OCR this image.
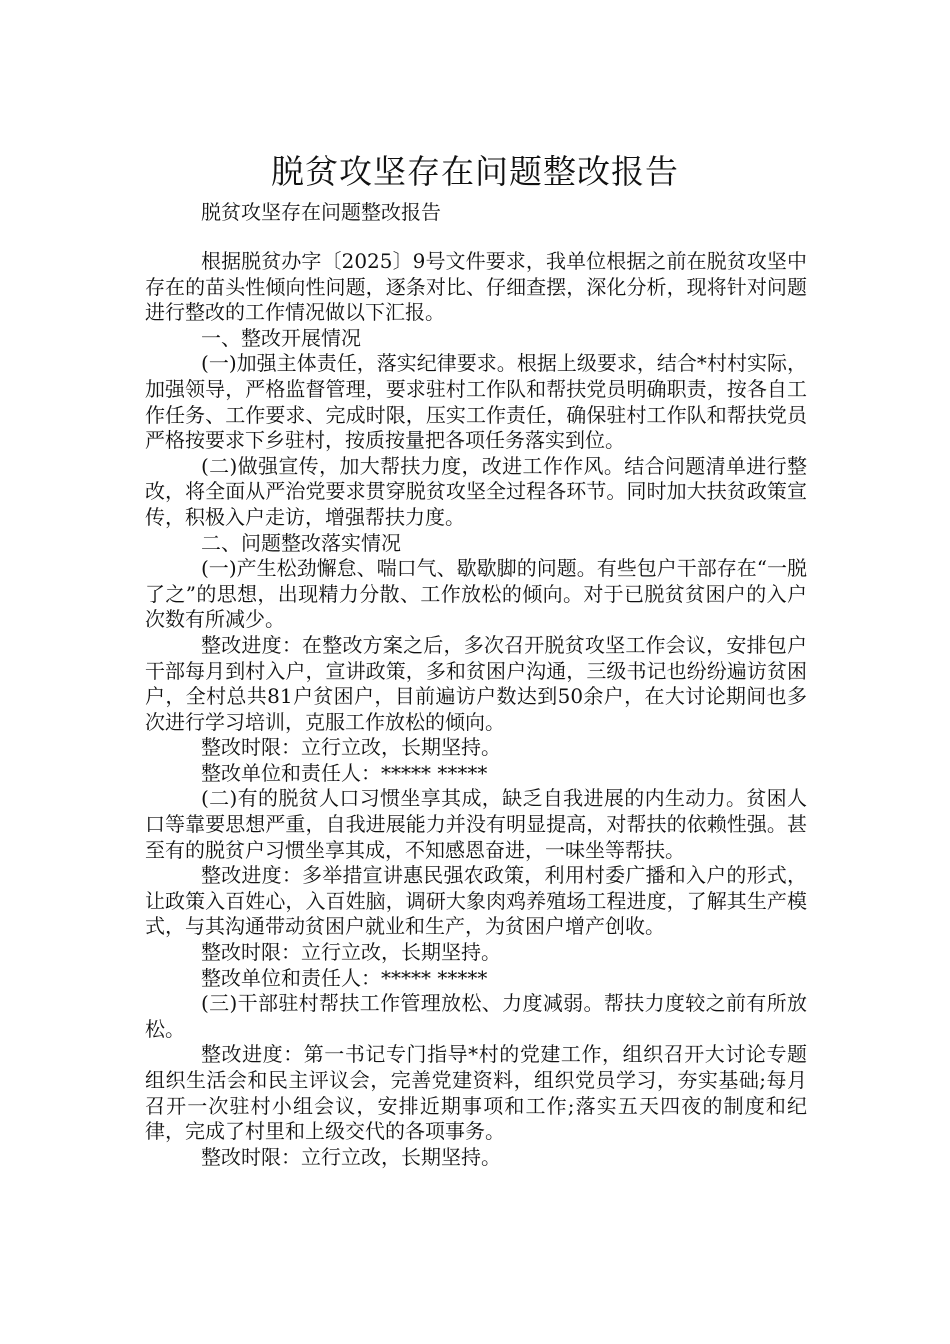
脱贫攻坚存在问题整改报告
脱贫攻坚存在问题整改报告

根据脱贫办字〔2025〕9号文件要求，我单位根据之前在脱贫攻坚中存在的苗头性倾向性问题，逐条对比、仔细查摆，深化分析，现将针对问题进行整改的工作情况做以下汇报。

一、整改开展情况

(一)加强主体责任，落实纪律要求。根据上级要求，结合*村村实际，加强领导，严格监督管理，要求驻村工作队和帮扶党员明确职责，按各自工作任务、工作要求、完成时限，压实工作责任，确保驻村工作队和帮扶党员严格按要求下乡驻村，按质按量把各项任务落实到位。

(二)做强宣传，加大帮扶力度，改进工作作风。结合问题清单进行整改，将全面从严治党要求贯穿脱贫攻坚全过程各环节。同时加大扶贫政策宣传，积极入户走访，增强帮扶力度。

二、问题整改落实情况

(一)产生松劲懈怠、喘口气、歇歇脚的问题。有些包户干部存在“一脱了之”的思想，出现精力分散、工作放松的倾向。对于已脱贫贫困户的入户次数有所减少。

整改进度：在整改方案之后，多次召开脱贫攻坚工作会议，安排包户干部每月到村入户，宣讲政策，多和贫困户沟通，三级书记也纷纷遍访贫困户，全村总共81户贫困户，目前遍访户数达到50余户，在大讨论期间也多次进行学习培训，克服工作放松的倾向。

整改时限：立行立改，长期坚持。

整改单位和责任人：***** *****

(二)有的脱贫人口习惯坐享其成，缺乏自我进展的内生动力。贫困人口等靠要思想严重，自我进展能力并没有明显提高，对帮扶的依赖性强。甚至有的脱贫户习惯坐享其成，不知感恩奋进，一味坐等帮扶。

整改进度：多举措宣讲惠民强农政策，利用村委广播和入户的形式，让政策入百姓心，入百姓脑，调研大象肉鸡养殖场工程进度，了解其生产模式，与其沟通带动贫困户就业和生产，为贫困户增产创收。

整改时限：立行立改，长期坚持。

整改单位和责任人：***** *****

(三)干部驻村帮扶工作管理放松、力度减弱。帮扶力度较之前有所放松。

整改进度：第一书记专门指导*村的党建工作，组织召开大讨论专题组织生活会和民主评议会，完善党建资料，组织党员学习，夯实基础;每月召开一次驻村小组会议，安排近期事项和工作;落实五天四夜的制度和纪律，完成了村里和上级交代的各项事务。

整改时限：立行立改，长期坚持。
